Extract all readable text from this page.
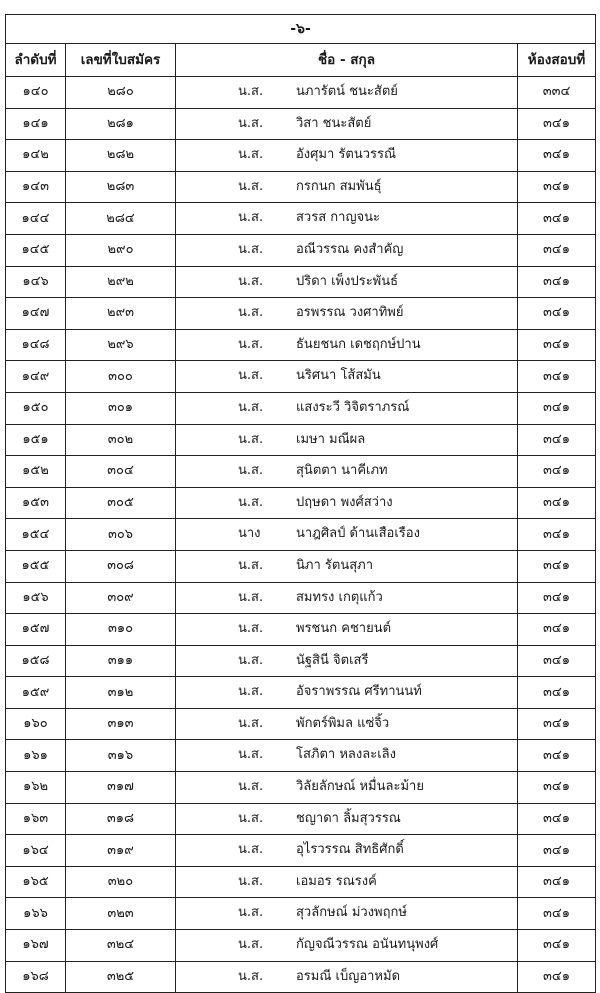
-๖-			
ลำดับที่	เลขที่ใบสมัคร	ชื่อ - สกุล	ห้องสอบที่
๑๔๐	๒๘๐	น.ส. นภารัตน์ ชนะสัตย์	๓๓๔
๑๔๑	๒๘๑	น.ส. วิสา ชนะสัตย์	๓๔๑
๑๔๒	๒๘๒	น.ส. อังศุมา รัตนวรรณี	๓๔๑
๑๔๓	๒๘๓	น.ส. กรกนก สมพันธุ์	๓๔๑
๑๔๔	๒๘๔	น.ส. สวรส กาญจนะ	๓๔๑
๑๔๕	๒๙๐	น.ส. อณีวรรณ คงสำคัญ	๓๔๑
๑๔๖	๒๙๒	น.ส. ปริดา เพ็งประพันธ์	๓๔๑
๑๔๗	๒๙๓	น.ส. อรพรรณ วงศาทิพย์	๓๔๑
๑๔๘	๒๙๖	น.ส. ธันยชนก เดชฤกษ์ปาน	๓๔๑
๑๔๙	๓๐๐	น.ส. นริศนา โส้สมัน	๓๔๑
๑๕๐	๓๐๑	น.ส. แสงระวี วิจิตราภรณ์	๓๔๑
๑๕๑	๓๐๒	น.ส. เมษา มณีผล	๓๔๑
๑๕๒	๓๐๔	น.ส. สุนิตตา นาคีเภท	๓๔๑
๑๕๓	๓๐๕	น.ส. ปฤษดา พงศ์สว่าง	๓๔๑
๑๕๔	๓๐๖	นาง นาฎศิลป์ ด้านเสือเรือง	๓๔๑
๑๕๕	๓๐๘	น.ส. นิภา รัตนสุภา	๓๔๑
๑๕๖	๓๐๙	น.ส. สมทรง เกตุแก้ว	๓๔๑
๑๕๗	๓๑๐	น.ส. พรชนก คชายนต์	๓๔๑
๑๕๘	๓๑๑	น.ส. นัฐสินี จิตเสรี	๓๔๑
๑๕๙	๓๑๒	น.ส. อัจราพรรณ ศรีทานนท์	๓๔๑
๑๖๐	๓๑๓	น.ส. พักตร์พิมล แซ่จิ้ว	๓๔๑
๑๖๑	๓๑๖	น.ส. โสภิตา หลงละเลิง	๓๔๑
๑๖๒	๓๑๗	น.ส. วิลัยลักษณ์ หมื่นละม้าย	๓๔๑
๑๖๓	๓๑๘	น.ส. ชญาดา ลิ้มสุวรรณ	๓๔๑
๑๖๔	๓๑๙	น.ส. อุไรวรรณ สิทธิศักดิ์	๓๔๑
๑๖๕	๓๒๐	น.ส. เอมอร รณรงค์	๓๔๑
๑๖๖	๓๒๓	น.ส. สุวลักษณ์ ม่วงพฤกษ์	๓๔๑
๑๖๗	๓๒๔	น.ส. กัญจณีวรรณ อนันทนุพงศ์	๓๔๑
๑๖๘	๓๒๕	น.ส. อรมณี เบ็ญอาหมัด	๓๔๑
